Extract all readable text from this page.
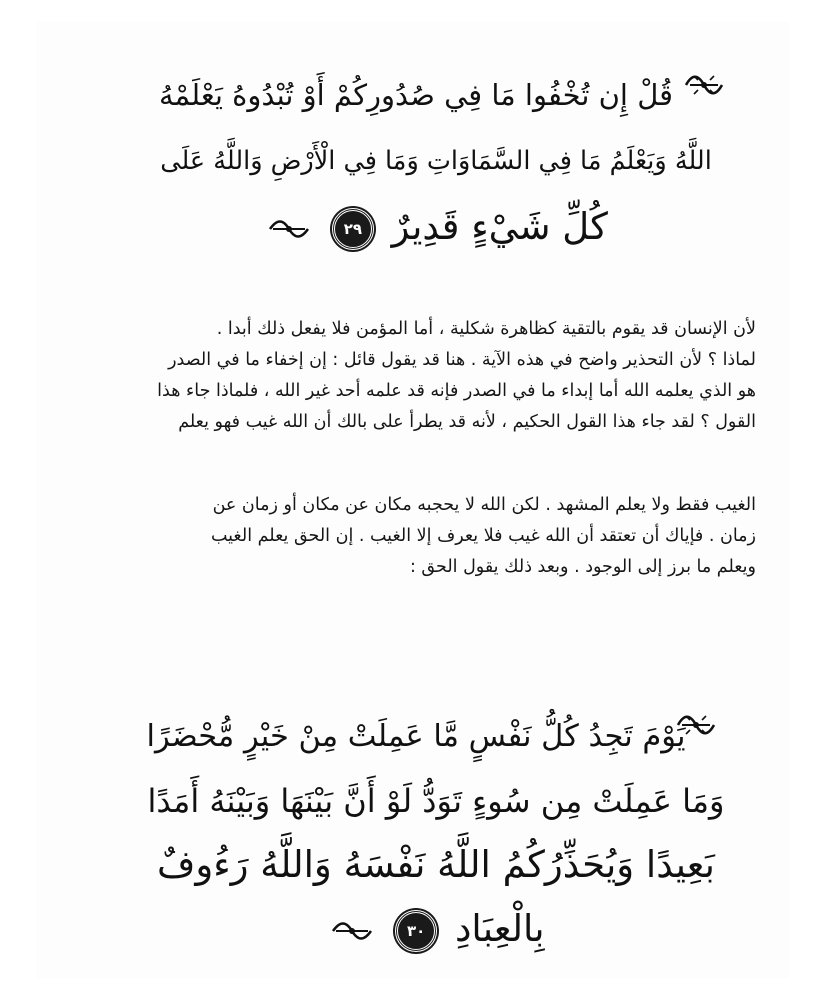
قُلْ إِن تُخْفُوا مَا فِي صُدُورِكُمْ أَوْ تُبْدُوهُ يَعْلَمْهُ
اللَّهُ وَيَعْلَمُ مَا فِي السَّمَاوَاتِ وَمَا فِي الْأَرْضِ وَاللَّهُ عَلَى
كُلِّ شَيْءٍ قَدِيرٌ ٢٩
لأن الإنسان قد يقوم بالتقية كظاهرة شكلية ، أما المؤمن فلا يفعل ذلك أبدا .
لماذا ؟ لأن التحذير واضح في هذه الآية . هنا قد يقول قائل : إن إخفاء ما في الصدر
هو الذي يعلمه الله أما إبداء ما في الصدر فإنه قد علمه أحد غير الله ، فلماذا جاء هذا
القول ؟ لقد جاء هذا القول الحكيم ، لأنه قد يطرأ على بالك أن الله غيب فهو يعلم
الغيب فقط ولا يعلم المشهد . لكن الله لا يحجبه مكان عن مكان أو زمان عن
زمان . فإياك أن تعتقد أن الله غيب فلا يعرف إلا الغيب . إن الحق يعلم الغيب
ويعلم ما برز إلى الوجود . وبعد ذلك يقول الحق :
يَوْمَ تَجِدُ كُلُّ نَفْسٍ مَّا عَمِلَتْ مِنْ خَيْرٍ مُّحْضَرًا
وَمَا عَمِلَتْ مِن سُوءٍ تَوَدُّ لَوْ أَنَّ بَيْنَهَا وَبَيْنَهُ أَمَدًا
بَعِيدًا وَيُحَذِّرُكُمُ اللَّهُ نَفْسَهُ وَاللَّهُ رَءُوفٌ
بِالْعِبَادِ ٣٠
